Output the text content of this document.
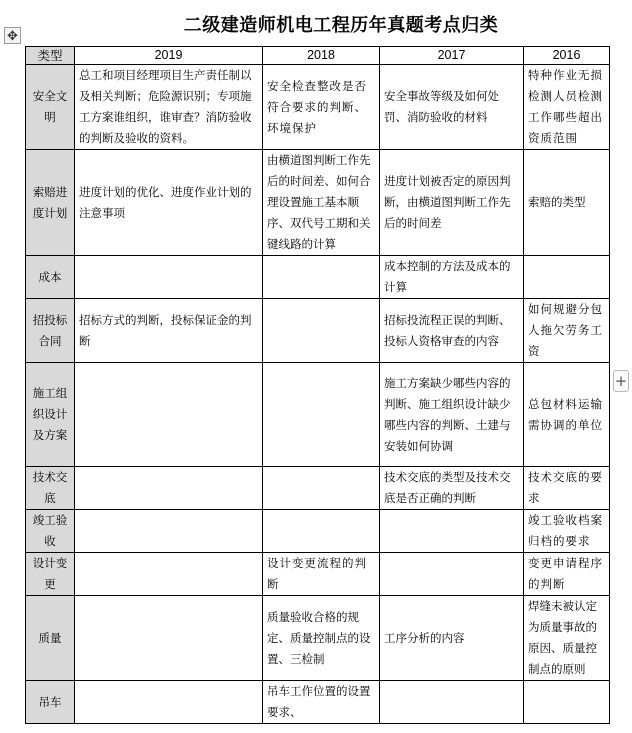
✥
二级建造师机电工程历年真题考点归类
类型	2019	2018	2017	2016
安全文明	总工和项目经理项目生产责任制以及相关判断；危险源识别；专项施工方案谁组织，谁审查？消防验收的判断及验收的资料。	安全检查整改是否符合要求的判断、环境保护	安全事故等级及如何处罚、消防验收的材料	特种作业无损检测人员检测工作哪些超出资质范围
索赔进度计划	进度计划的优化、进度作业计划的注意事项	由横道图判断工作先后的时间差、如何合理设置施工基本顺序、双代号工期和关键线路的计算	进度计划被否定的原因判断，由横道图判断工作先后的时间差	索赔的类型
成本			成本控制的方法及成本的计算	
招投标合同	招标方式的判断，投标保证金的判断		招标投流程正误的判断、投标人资格审查的内容	如何规避分包人拖欠劳务工资
施工组织设计及方案			施工方案缺少哪些内容的判断、施工组织设计缺少哪些内容的判断、土建与安装如何协调	总包材料运输需协调的单位
技术交底			技术交底的类型及技术交底是否正确的判断	技术交底的要求
竣工验收				竣工验收档案归档的要求
设计变更		设计变更流程的判断		变更申请程序的判断
质量		质量验收合格的规定、质量控制点的设置、三检制	工序分析的内容	焊缝未被认定为质量事故的原因、质量控制点的原则
吊车		吊车工作位置的设置要求、		
+
